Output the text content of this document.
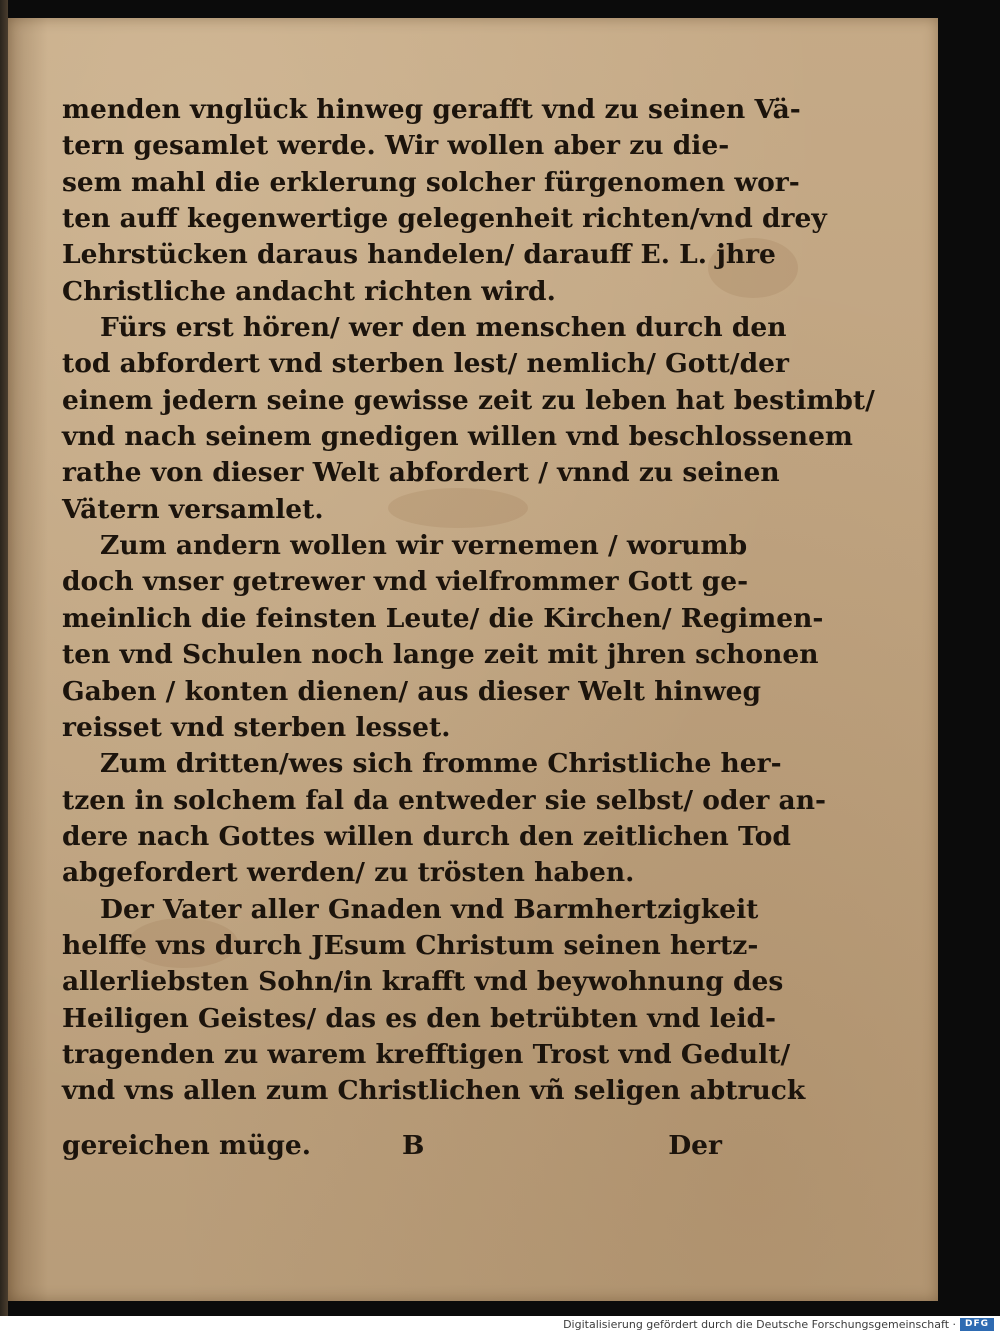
menden vnglück hinweg gerafft vnd zu seinen Vä-
tern gesamlet werde. Wir wollen aber zu die-
sem mahl die erklerung solcher fürgenomen wor-
ten auff kegenwertige gelegenheit richten/vnd drey
Lehrstücken daraus handelen/ darauff E. L. jhre
Christliche andacht richten wird.
Fürs erst hören/ wer den menschen durch den
tod abfordert vnd sterben lest/ nemlich/ Gott/der
einem jedern seine gewisse zeit zu leben hat bestimbt/
vnd nach seinem gnedigen willen vnd beschlossenem
rathe von dieser Welt abfordert / vnnd zu seinen
Vätern versamlet.
Zum andern wollen wir vernemen / worumb
doch vnser getrewer vnd vielfrommer Gott ge-
meinlich die feinsten Leute/ die Kirchen/ Regimen-
ten vnd Schulen noch lange zeit mit jhren schonen
Gaben / konten dienen/ aus dieser Welt hinweg
reisset vnd sterben lesset.
Zum dritten/wes sich fromme Christliche her-
tzen in solchem fal da entweder sie selbst/ oder an-
dere nach Gottes willen durch den zeitlichen Tod
abgefordert werden/ zu trösten haben.
Der Vater aller Gnaden vnd Barmhertzigkeit
helffe vns durch JEsum Christum seinen hertz-
allerliebsten Sohn/in krafft vnd beywohnung des
Heiligen Geistes/ das es den betrübten vnd leid-
tragenden zu warem krefftigen Trost vnd Gedult/
vnd vns allen zum Christlichen vñ seligen abtruck
gereichen müge.	B	Der
Digitalisierung gefördert durch die Deutsche Forschungsgemeinschaft · DFG
